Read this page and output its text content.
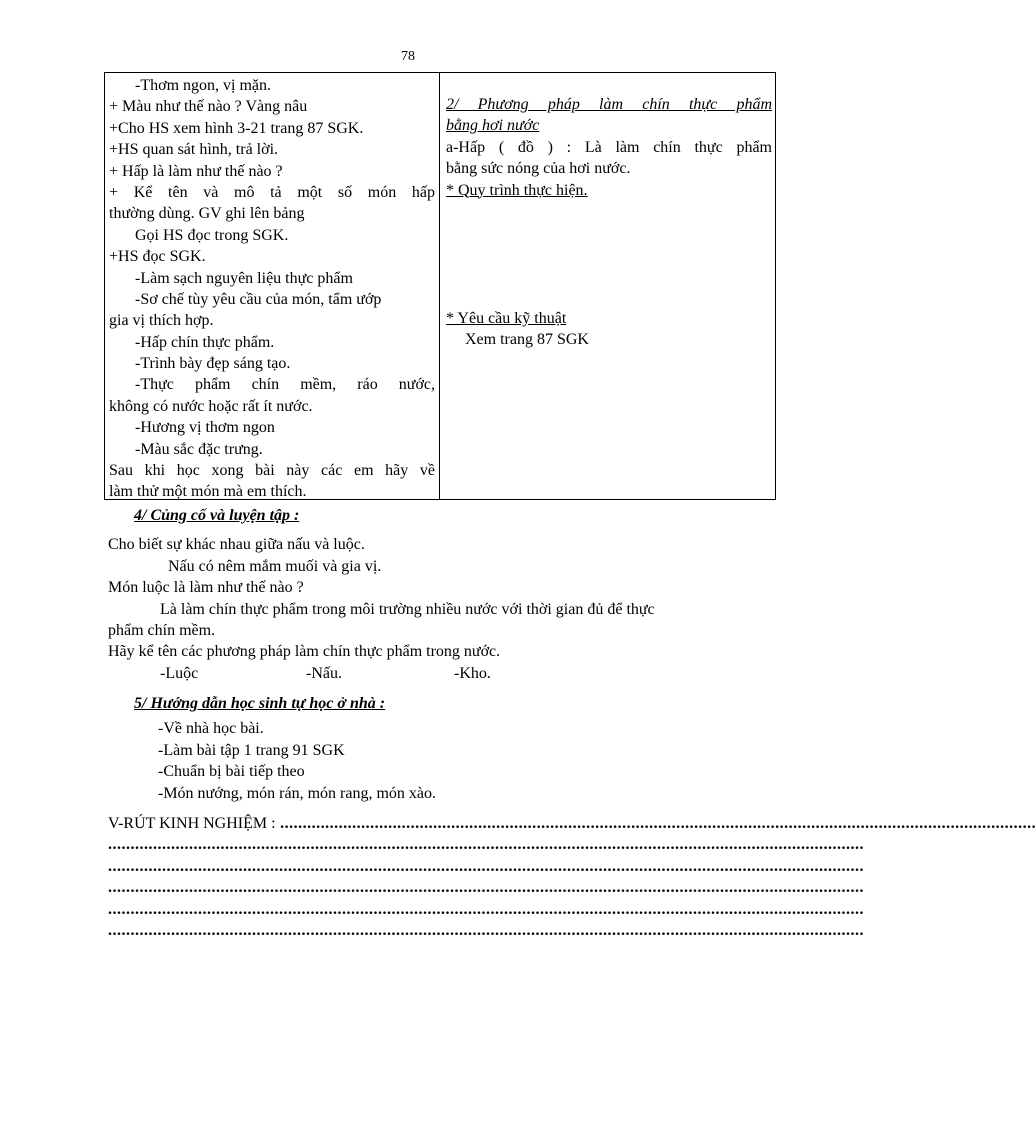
78
-Thơm ngon, vị mặn.
+ Màu như thế nào ? Vàng nâu
+Cho HS xem hình 3-21 trang 87 SGK.
+HS quan sát hình, trả lời.
+ Hấp là làm như thế nào ?
+ Kể tên và mô tả một số món hấp
thường dùng. GV ghi lên bảng
Gọi HS đọc trong SGK.
+HS đọc SGK.
-Làm sạch nguyên liệu thực phẩm
-Sơ chế tùy yêu cầu của món, tẩm ướp
gia vị thích hợp.
-Hấp chín thực phẩm.
-Trình bày đẹp sáng tạo.
-Thực phẩm chín mềm, ráo nước,
không có nước hoặc rất ít nước.
-Hương vị thơm ngon
-Màu sắc đặc trưng.
Sau khi học xong bài này các em hãy về
làm thử một món mà em thích.
2/ Phương pháp làm chín thực phẩm
bằng hơi nước
a-Hấp ( đồ ) : Là làm chín thực phẩm
bằng sức nóng của hơi nước.
* Quy trình thực hiện.
* Yêu cầu kỹ thuật
Xem trang 87 SGK
4/ Củng cố và luyện tập :
Cho biết sự khác nhau giữa nấu và luộc.
Nấu có nêm mắm muối và gia vị.
Món luộc là làm như thế nào ?
Là làm chín thực phẩm trong môi trường nhiều nước với thời gian đủ để thực
phẩm chín mềm.
Hãy kể tên các phương pháp làm chín thực phẩm trong nước.
-Luộc	-Nấu.	-Kho.
5/ Hướng dẫn học sinh tự học ở nhà :
-Về nhà học bài.
-Làm bài tập 1 trang 91 SGK
-Chuẩn bị bài tiếp theo
-Món nướng, món rán, món rang, món xào.
V-RÚT KINH NGHIỆM : ........................................................................................................................................................................
........................................................................................................................................................................
........................................................................................................................................................................
........................................................................................................................................................................
........................................................................................................................................................................
........................................................................................................................................................................
